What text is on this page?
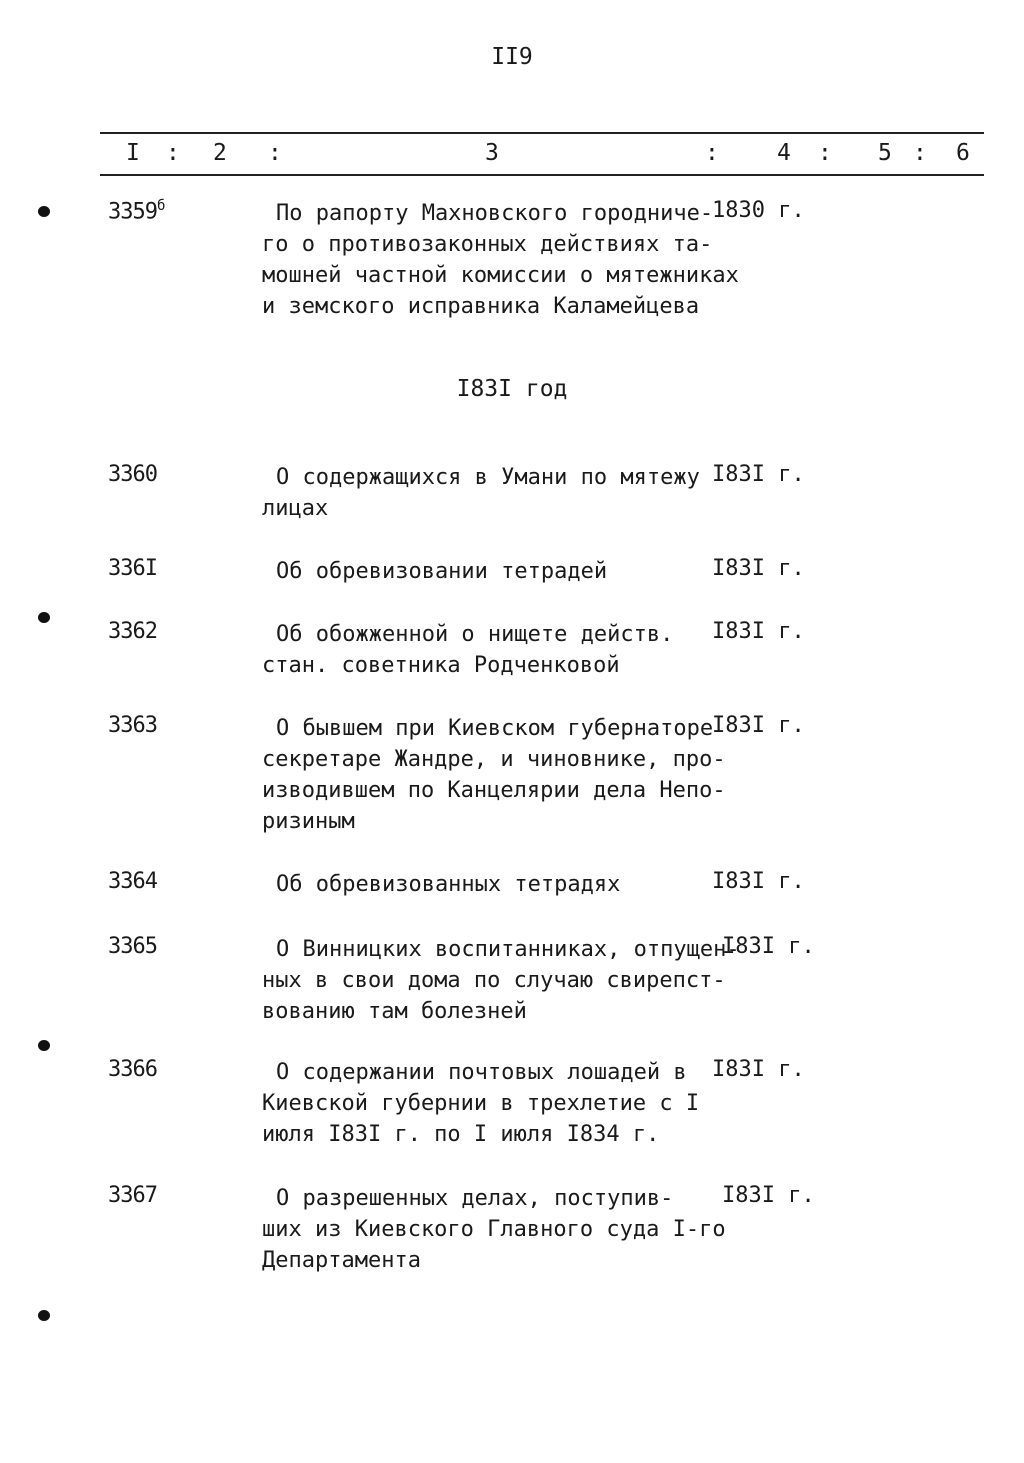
II9
I : 2 :	3	:	4 : 5 : 6
$3359^б$	По рапорту Махновского городниче-
го о противозаконных действиях та-
мошней частной комиссии о мятежниках
и земского исправника Каламейцева
1830 г.
I83I год
3360	О содержащихся в Умани по мятежу
лицах
I83I г.
336I	Об обревизовании тетрадей	I83I г.
3362	Об обожженной о нищете действ.
стан. советника Родченковой
I83I г.
3363	О бывшем при Киевском губернаторе
секретаре Жандре, и чиновнике, про-
изводившем по Канцелярии дела Непо-
ризиным
I83I г.
3364	Об обревизованных тетрадях	I83I г.
3365	О Винницких воспитанниках, отпущен-
ных в свои дома по случаю свирепст-
вованию там болезней
I83I г.
3366	О содержании почтовых лошадей в
Киевской губернии в трехлетие с I
июля I83I г. по I июля I834 г.
I83I г.
3367	О разрешенных делах, поступив-
ших из Киевского Главного суда I-го
Департамента
I83I г.
